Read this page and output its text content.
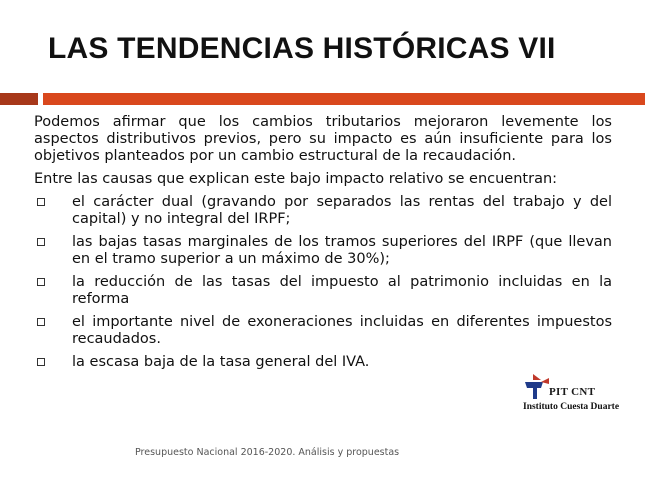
LAS TENDENCIAS HISTÓRICAS VII

Podemos afirmar que los cambios tributarios mejoraron levemente los aspectos distributivos previos, pero su impacto es aún insuficiente para los objetivos planteados por un cambio estructural de la recaudación.

Entre las causas que explican este bajo impacto relativo se encuentran:

el carácter dual (gravando por separados las rentas del trabajo y del capital) y no integral del IRPF;
las bajas tasas marginales de los tramos superiores del IRPF (que llevan en el tramo superior a un máximo de 30%);
la reducción de las tasas del impuesto al patrimonio incluidas en la reforma
el importante nivel de exoneraciones incluidas en diferentes impuestos recaudados.
la escasa baja de la tasa general del IVA.
PIT CNT
Instituto Cuesta Duarte
Presupuesto Nacional 2016-2020. Análisis y propuestas
